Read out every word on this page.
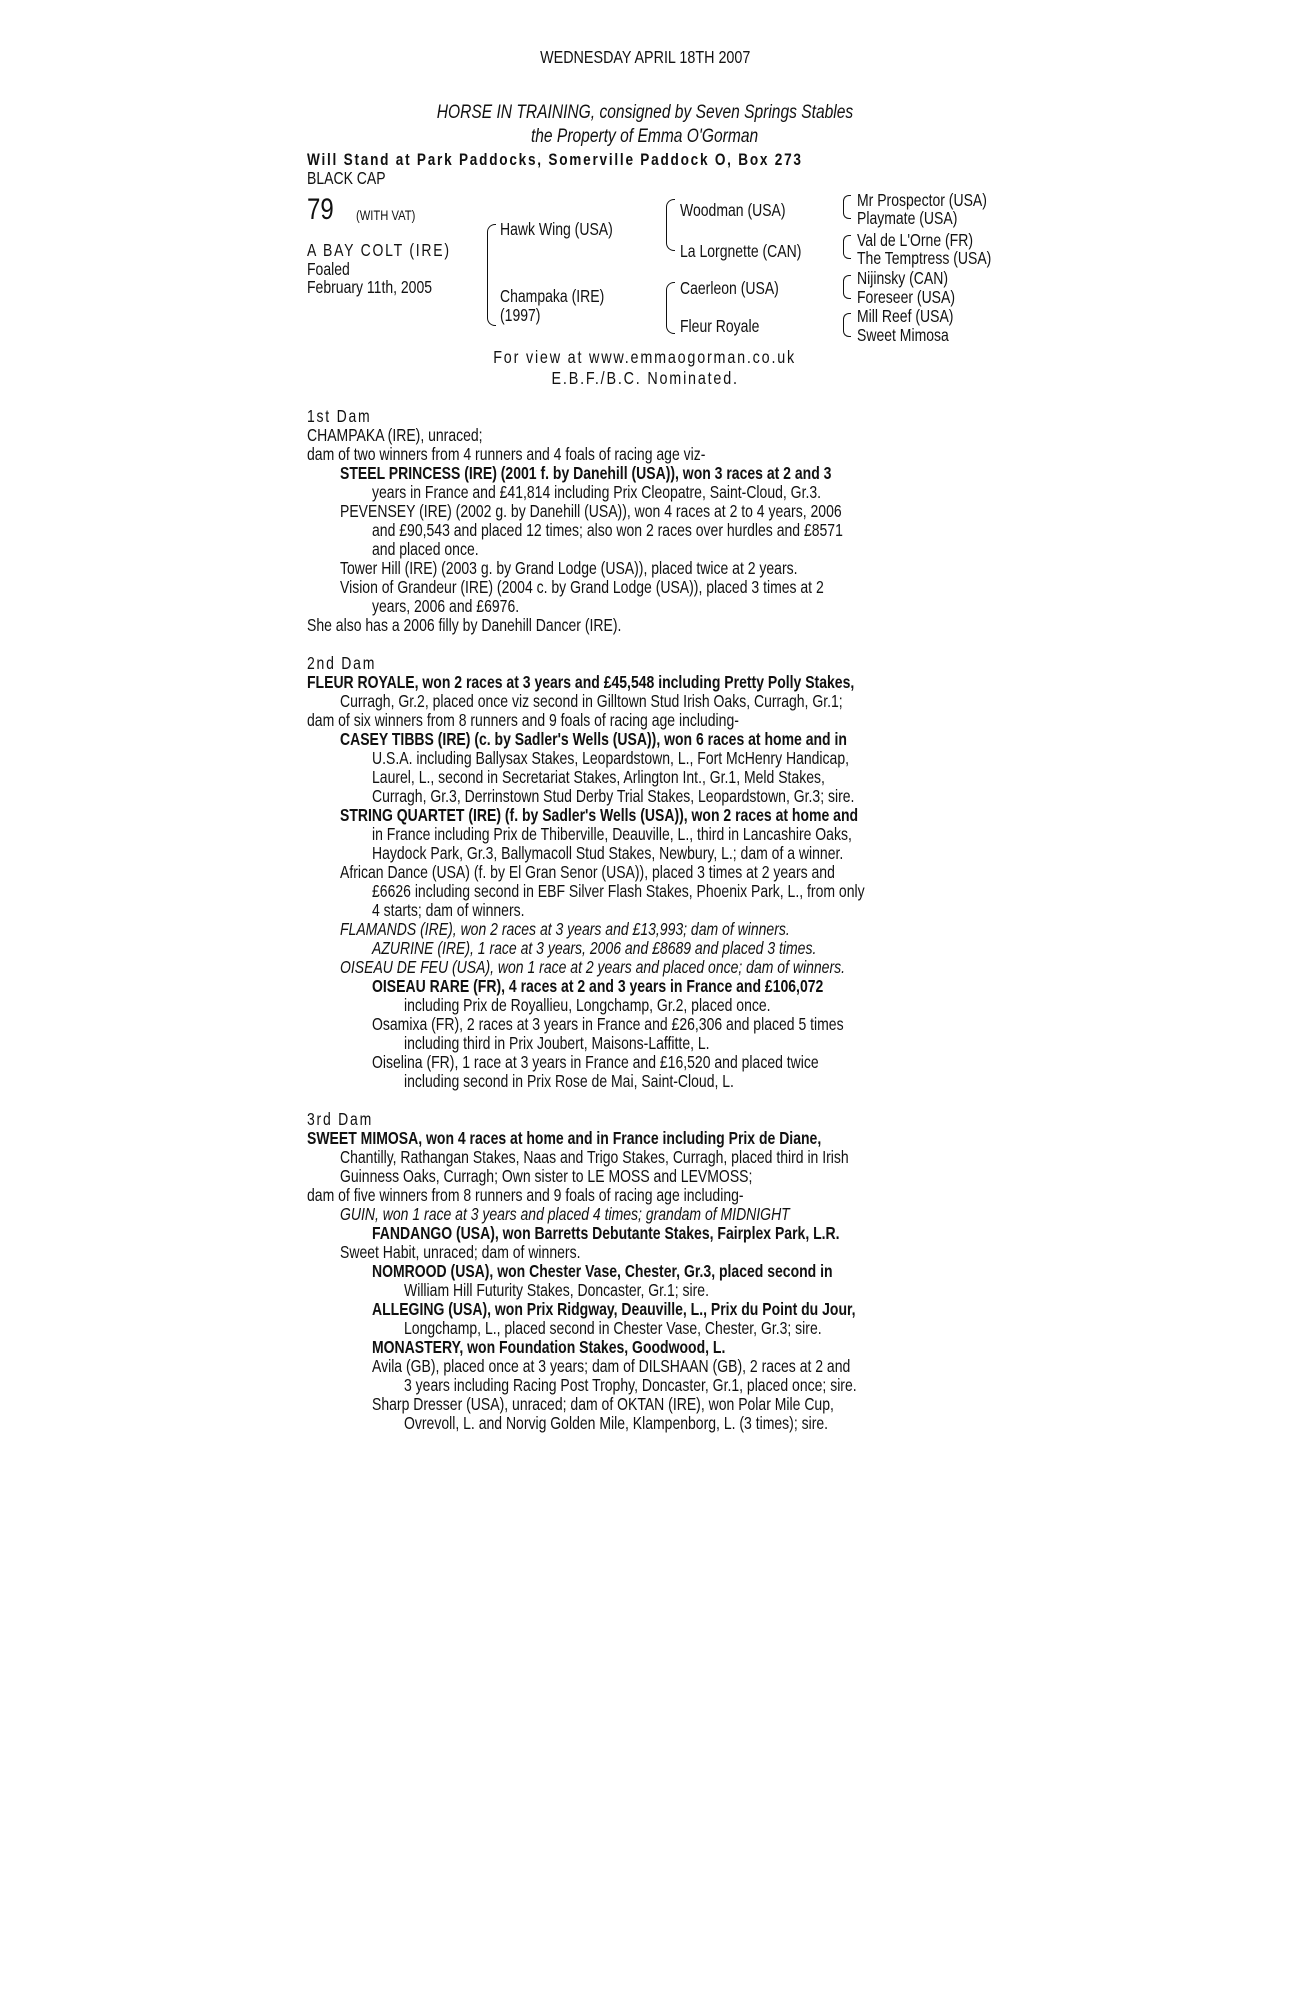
WEDNESDAY APRIL 18TH 2007
HORSE IN TRAINING, consigned by Seven Springs Stables
the Property of Emma O'Gorman
Will Stand at Park Paddocks, Somerville Paddock O, Box 273
BLACK CAP
79 (WITH VAT)
A BAY COLT (IRE)
Foaled
February 11th, 2005
Hawk Wing (USA)
Champaka (IRE)
(1997)
Woodman (USA)
La Lorgnette (CAN)
Caerleon (USA)
Fleur Royale
Mr Prospector (USA)
Playmate (USA)
Val de L'Orne (FR)
The Temptress (USA)
Nijinsky (CAN)
Foreseer (USA)
Mill Reef (USA)
Sweet Mimosa
For view at www.emmaogorman.co.uk
E.B.F./B.C. Nominated.
1st Dam
CHAMPAKA (IRE), unraced;
dam of two winners from 4 runners and 4 foals of racing age viz-
STEEL PRINCESS (IRE) (2001 f. by Danehill (USA)), won 3 races at 2 and 3
years in France and £41,814 including Prix Cleopatre, Saint-Cloud, Gr.3.
PEVENSEY (IRE) (2002 g. by Danehill (USA)), won 4 races at 2 to 4 years, 2006
and £90,543 and placed 12 times; also won 2 races over hurdles and £8571
and placed once.
Tower Hill (IRE) (2003 g. by Grand Lodge (USA)), placed twice at 2 years.
Vision of Grandeur (IRE) (2004 c. by Grand Lodge (USA)), placed 3 times at 2
years, 2006 and £6976.
She also has a 2006 filly by Danehill Dancer (IRE).
2nd Dam
FLEUR ROYALE, won 2 races at 3 years and £45,548 including Pretty Polly Stakes,
Curragh, Gr.2, placed once viz second in Gilltown Stud Irish Oaks, Curragh, Gr.1;
dam of six winners from 8 runners and 9 foals of racing age including-
CASEY TIBBS (IRE) (c. by Sadler's Wells (USA)), won 6 races at home and in
U.S.A. including Ballysax Stakes, Leopardstown, L., Fort McHenry Handicap,
Laurel, L., second in Secretariat Stakes, Arlington Int., Gr.1, Meld Stakes,
Curragh, Gr.3, Derrinstown Stud Derby Trial Stakes, Leopardstown, Gr.3; sire.
STRING QUARTET (IRE) (f. by Sadler's Wells (USA)), won 2 races at home and
in France including Prix de Thiberville, Deauville, L., third in Lancashire Oaks,
Haydock Park, Gr.3, Ballymacoll Stud Stakes, Newbury, L.; dam of a winner.
African Dance (USA) (f. by El Gran Senor (USA)), placed 3 times at 2 years and
£6626 including second in EBF Silver Flash Stakes, Phoenix Park, L., from only
4 starts; dam of winners.
FLAMANDS (IRE), won 2 races at 3 years and £13,993; dam of winners.
AZURINE (IRE), 1 race at 3 years, 2006 and £8689 and placed 3 times.
OISEAU DE FEU (USA), won 1 race at 2 years and placed once; dam of winners.
OISEAU RARE (FR), 4 races at 2 and 3 years in France and £106,072
including Prix de Royallieu, Longchamp, Gr.2, placed once.
Osamixa (FR), 2 races at 3 years in France and £26,306 and placed 5 times
including third in Prix Joubert, Maisons-Laffitte, L.
Oiselina (FR), 1 race at 3 years in France and £16,520 and placed twice
including second in Prix Rose de Mai, Saint-Cloud, L.
3rd Dam
SWEET MIMOSA, won 4 races at home and in France including Prix de Diane,
Chantilly, Rathangan Stakes, Naas and Trigo Stakes, Curragh, placed third in Irish
Guinness Oaks, Curragh; Own sister to LE MOSS and LEVMOSS;
dam of five winners from 8 runners and 9 foals of racing age including-
GUIN, won 1 race at 3 years and placed 4 times; grandam of MIDNIGHT
FANDANGO (USA), won Barretts Debutante Stakes, Fairplex Park, L.R.
Sweet Habit, unraced; dam of winners.
NOMROOD (USA), won Chester Vase, Chester, Gr.3, placed second in
William Hill Futurity Stakes, Doncaster, Gr.1; sire.
ALLEGING (USA), won Prix Ridgway, Deauville, L., Prix du Point du Jour,
Longchamp, L., placed second in Chester Vase, Chester, Gr.3; sire.
MONASTERY, won Foundation Stakes, Goodwood, L.
Avila (GB), placed once at 3 years; dam of DILSHAAN (GB), 2 races at 2 and
3 years including Racing Post Trophy, Doncaster, Gr.1, placed once; sire.
Sharp Dresser (USA), unraced; dam of OKTAN (IRE), won Polar Mile Cup,
Ovrevoll, L. and Norvig Golden Mile, Klampenborg, L. (3 times); sire.
